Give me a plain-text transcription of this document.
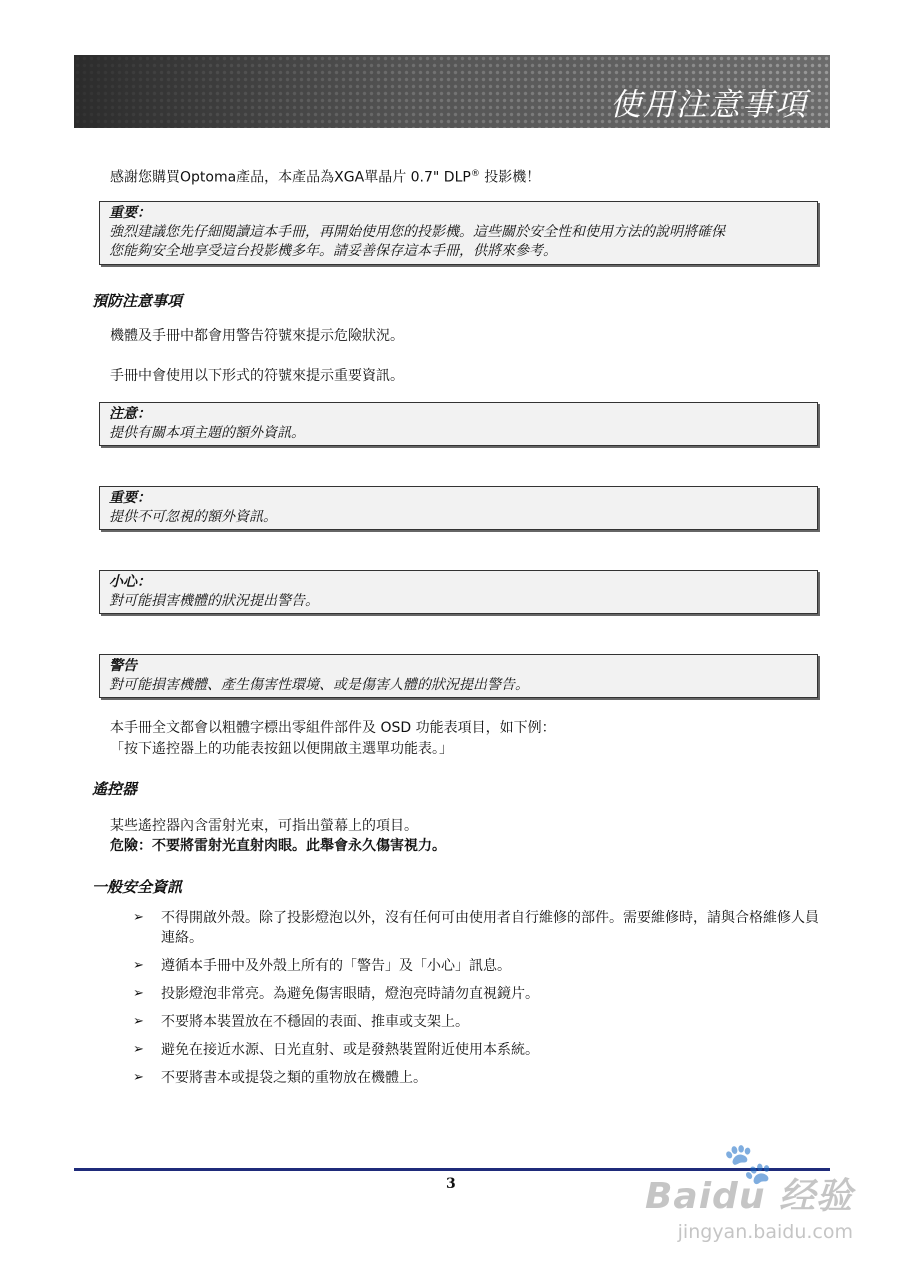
使用注意事項
感謝您購買Optoma產品，本產品為XGA單晶片 0.7" DLP® 投影機！
重要：
強烈建議您先仔細閱讀這本手冊，再開始使用您的投影機。這些關於安全性和使用方法的說明將確保
您能夠安全地享受這台投影機多年。請妥善保存這本手冊，供將來參考。
預防注意事項
機體及手冊中都會用警告符號來提示危險狀況。
手冊中會使用以下形式的符號來提示重要資訊。
注意：
提供有關本項主題的額外資訊。
重要：
提供不可忽視的額外資訊。
小心：
對可能損害機體的狀況提出警告。
警告
對可能損害機體、產生傷害性環境、或是傷害人體的狀況提出警告。
本手冊全文都會以粗體字標出零組件部件及 OSD 功能表項目，如下例：
「按下遙控器上的功能表按鈕以便開啟主選單功能表。」
遙控器
某些遙控器內含雷射光束，可指出螢幕上的項目。
危險：不要將雷射光直射肉眼。此舉會永久傷害視力。
一般安全資訊
➢ 不得開啟外殼。除了投影燈泡以外，沒有任何可由使用者自行維修的部件。需要維修時，請與合格維修人員連絡。
➢ 遵循本手冊中及外殼上所有的「警告」及「小心」訊息。
➢ 投影燈泡非常亮。為避免傷害眼睛，燈泡亮時請勿直視鏡片。
➢ 不要將本裝置放在不穩固的表面、推車或支架上。
➢ 避免在接近水源、日光直射、或是發熱裝置附近使用本系統。
➢ 不要將書本或提袋之類的重物放在機體上。
3	🐾
Baidu 经验
jingyan.baidu.com
